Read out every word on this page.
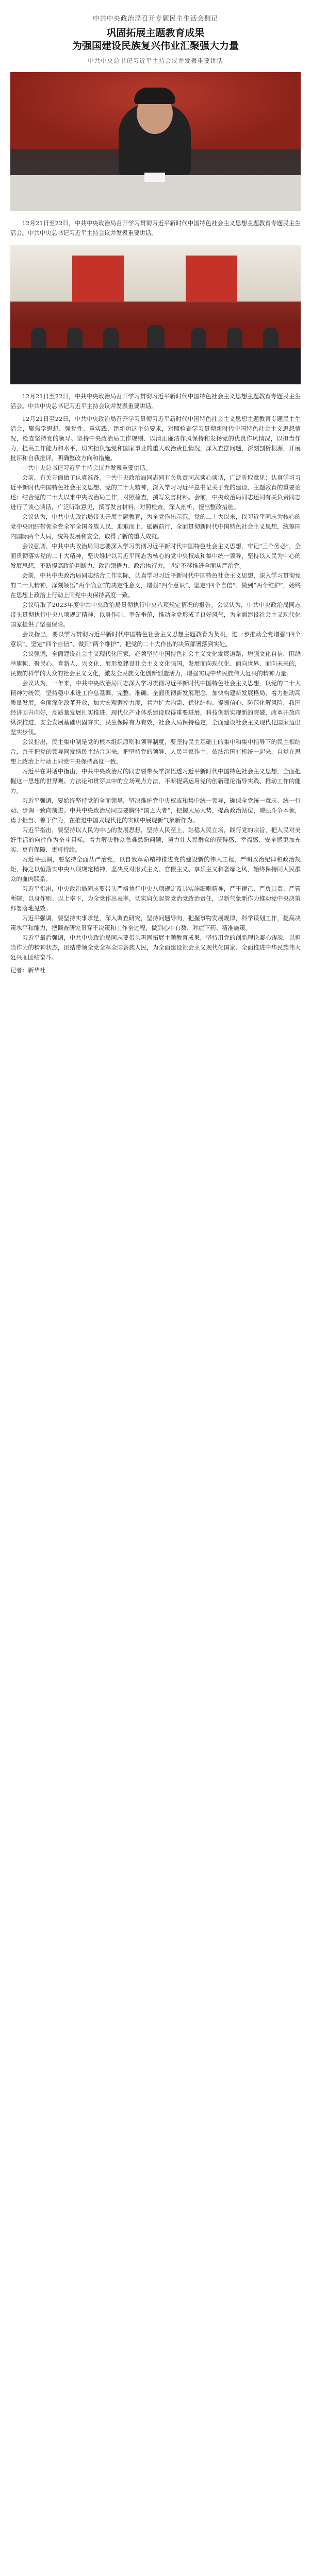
中共中央政治局召开专题民主生活会侧记

巩固拓展主题教育成果
为强国建设民族复兴伟业汇聚强大力量

中共中央总书记习近平主持会议并发表重要讲话

12月21日至22日，中共中央政治局召开学习贯彻习近平新时代中国特色社会主义思想主题教育专题民主生活会。中共中央总书记习近平主持会议并发表重要讲话。

12月21日至22日，中共中央政治局召开学习贯彻习近平新时代中国特色社会主义思想主题教育专题民主生活会。中共中央总书记习近平主持会议并发表重要讲话。

12月21日至22日，中共中央政治局召开学习贯彻习近平新时代中国特色社会主义思想主题教育专题民主生活会，聚焦学思想、强党性、重实践、建新功这个总要求，对照检查学习贯彻新时代中国特色社会主义思想情况，检查坚持党的领导、坚持中央政治局工作规则、以清正廉洁作风保持和发扬党的优良作风情况，以担当作为，提高工作能力和水平，切实担负起党和国家事业的重大政治责任情况，深入查摆问题，深刻剖析根源，开展批评和自我批评，明确整改方向和措施。

中共中央总书记习近平主持会议并发表重要讲话。

会前，有关方面做了认真准备。中共中央政治局同志同有关负责同志谈心谈话，广泛听取意见；认真学习习近平新时代中国特色社会主义思想、党的二十大精神，深入学习习近平总书记关于党的建设、主题教育的重要论述；结合党的二十大以来中央政治局工作，对照检查，撰写发言材料。会前，中央政治局同志还同有关负责同志进行了谈心谈话，广泛听取意见，撰写发言材料，对照检查，深入剖析，提出整改措施。

会议认为，中共中央政治局带头开展主题教育，为全党作出示范。党的二十大以来，以习近平同志为核心的党中央团结带领全党全军全国各族人民，迎难而上、砥砺前行，全面贯彻新时代中国特色社会主义思想，统筹国内国际两个大局，统筹发展和安全，取得了新的重大成就。

会议强调，中共中央政治局同志要深入学习贯彻习近平新时代中国特色社会主义思想，牢记“三个务必”，全面贯彻落实党的二十大精神，坚决维护以习近平同志为核心的党中央权威和集中统一领导，坚持以人民为中心的发展思想，不断提高政治判断力、政治领悟力、政治执行力，坚定不移推进全面从严治党。

会前，中共中央政治局同志结合工作实际，认真学习习近平新时代中国特色社会主义思想，深入学习贯彻党的二十大精神，深刻领悟“两个确立”的决定性意义，增强“四个意识”、坚定“四个自信”、做到“两个维护”，始终在思想上政治上行动上同党中央保持高度一致。

会议听取了2023年度中共中央政治局贯彻执行中央八项规定情况的报告。会议认为，中共中央政治局同志带头贯彻执行中央八项规定精神，以身作则、率先垂范，推动全党形成了良好风气，为全面建设社会主义现代化国家提供了坚强保障。

会议指出，要以学习贯彻习近平新时代中国特色社会主义思想主题教育为契机，进一步推动全党增强“四个意识”、坚定“四个自信”、做到“两个维护”，把党的二十大作出的决策部署落到实处。

会议强调，全面建设社会主义现代化国家，必须坚持中国特色社会主义文化发展道路，增强文化自信，围绕举旗帜、聚民心、育新人、兴文化、展形象建设社会主义文化强国，发展面向现代化、面向世界、面向未来的，民族的科学的大众的社会主义文化，激发全民族文化创新创造活力，增强实现中华民族伟大复兴的精神力量。

会议认为，一年来，中共中央政治局同志深入学习贯彻习近平新时代中国特色社会主义思想，以党的二十大精神为统领，坚持稳中求进工作总基调，完整、准确、全面贯彻新发展理念，加快构建新发展格局，着力推动高质量发展，全面深化改革开放，加大宏观调控力度，着力扩大内需、优化结构、提振信心、防范化解风险，我国经济回升向好，高质量发展扎实推进，现代化产业体系建设取得重要进展，科技创新实现新的突破，改革开放向纵深推进，安全发展基础巩固夯实，民生保障有力有效，社会大局保持稳定，全面建设社会主义现代化国家迈出坚实步伐。

会议指出，民主集中制是党的根本组织原则和领导制度，要坚持民主基础上的集中和集中指导下的民主相结合，善于把党的领导同发扬民主结合起来，把坚持党的领导、人民当家作主、依法治国有机统一起来，自觉在思想上政治上行动上同党中央保持高度一致。

习近平在讲话中指出，中共中央政治局的同志要带头学深悟透习近平新时代中国特色社会主义思想，全面把握这一思想的世界观、方法论和贯穿其中的立场观点方法，不断提高运用党的创新理论指导实践、推动工作的能力。

习近平强调，要始终坚持党的全面领导，坚决维护党中央权威和集中统一领导，确保全党统一意志、统一行动、步调一致向前进。中共中央政治局同志要胸怀“国之大者”，把握大局大势，提高政治站位，增强斗争本领，勇于担当、善于作为，在推进中国式现代化的实践中展现新气象新作为。

习近平指出，要坚持以人民为中心的发展思想，坚持人民至上，站稳人民立场，践行党的宗旨，把人民对美好生活的向往作为奋斗目标，着力解决群众急难愁盼问题，努力让人民群众的获得感、幸福感、安全感更加充实、更有保障、更可持续。

习近平强调，要坚持全面从严治党，以自我革命精神推进党的建设新的伟大工程，严明政治纪律和政治规矩，持之以恒落实中央八项规定精神，坚决反对形式主义、官僚主义、享乐主义和奢靡之风，始终保持同人民群众的血肉联系。

习近平指出，中央政治局同志要带头严格执行中央八项规定及其实施细则精神，严于律己、严负其责、严管所辖，以身作则、以上率下，为全党作出表率，切实肩负起管党治党政治责任，以新气象新作为推动党中央决策部署落地见效。

习近平强调，要坚持实事求是，深入调查研究，坚持问题导向，把握事物发展规律，科学谋划工作，提高决策水平和能力，把调查研究贯穿于决策和工作全过程，做到心中有数、对症下药、精准施策。

习近平最后强调，中共中央政治局同志要带头巩固拓展主题教育成果，坚持用党的创新理论凝心铸魂，以担当作为的精神状态，团结带领全党全军全国各族人民，为全面建设社会主义现代化国家、全面推进中华民族伟大复兴而团结奋斗。

记者：新华社
